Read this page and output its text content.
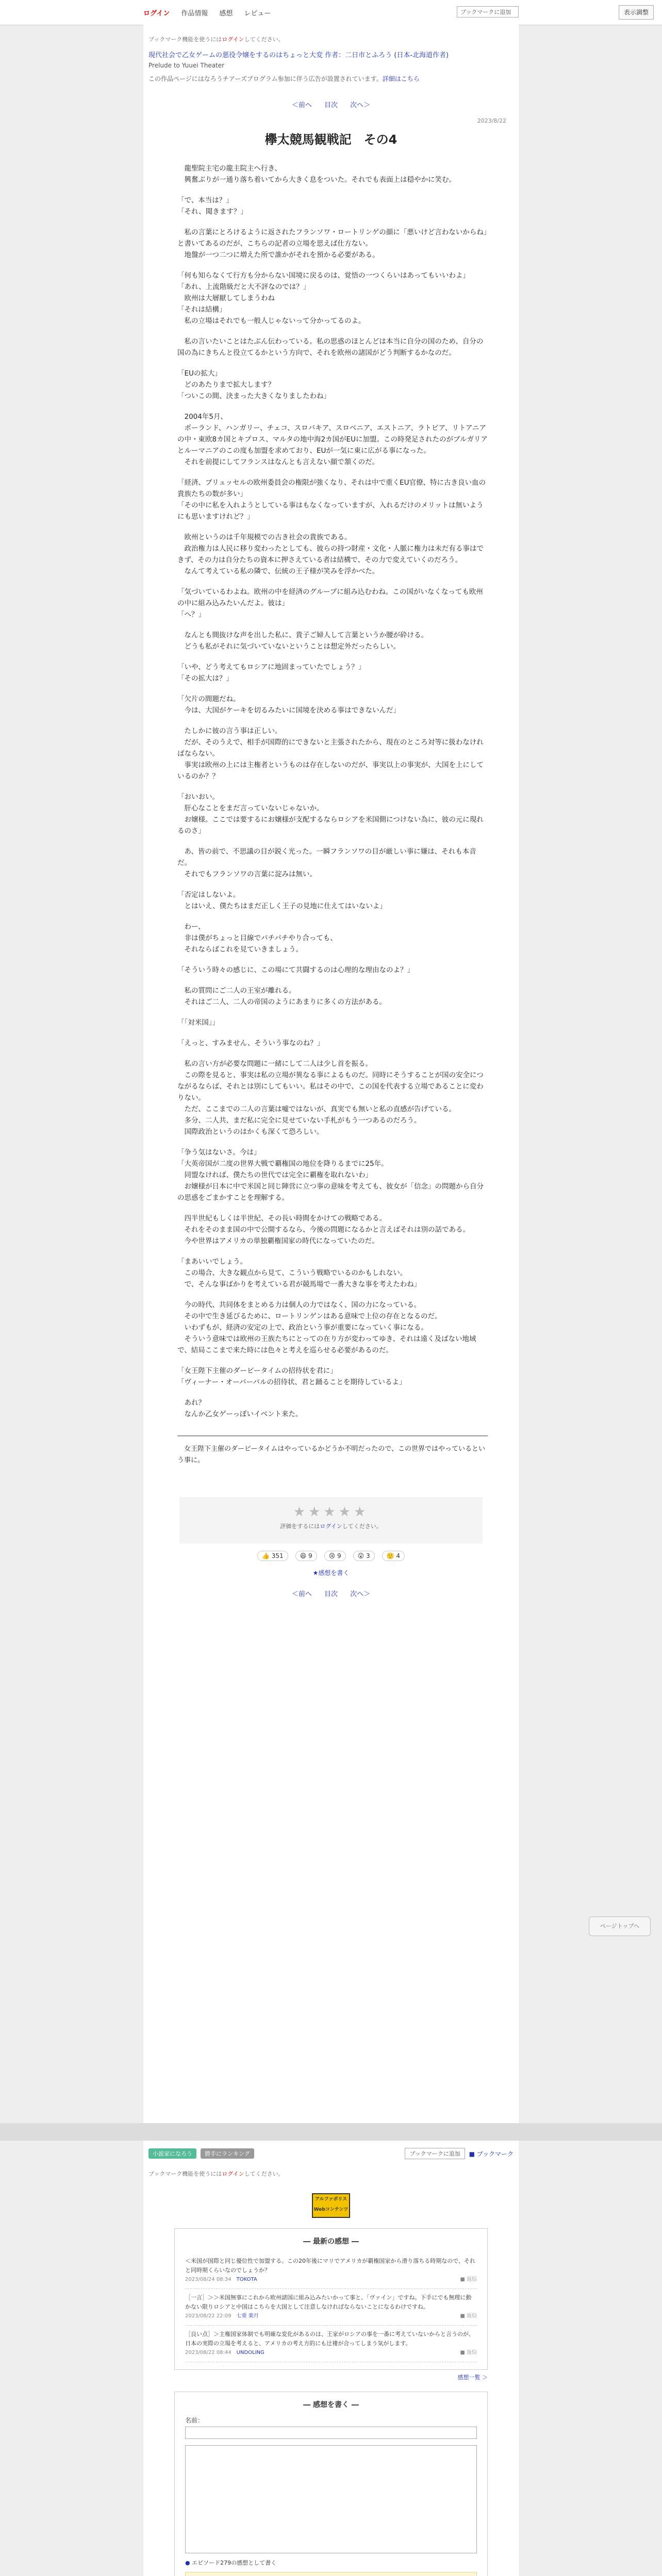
ログイン 作品情報 感想 レビュー	ブックマークに追加	表示調整
ブックマーク機能を使うにはログインしてください。
現代社会で乙女ゲームの悪役令嬢をするのはちょっと大変 作者：二日市とふろう (日本-北海道作者)
Prelude to Yuuei Theater
この作品ページにはなろうチアーズプログラム参加に伴う広告が設置されています。詳細はこちら
＜前へ 目次 次へ＞
2023/8/22
欅太競馬観戦記　その4

　龍聖院主宅の龍主院主へ行き、
　興奮ぶりが一通り落ち着いてから大きく息をついた。それでも表面上は穏やかに笑む。

「で、本当は？」
「それ、聞きます？」

　私の言葉にとろけるように返されたフランソワ・ロートリンゲの顔に「悪いけど言わないからね」と書いてあるのだが、こちらの記者の立場を思えば仕方ない。
　地盤が一つ二つに増えた所で誰かがそれを預かる必要がある。

「何も知らなくて行方も分からない国境に戻るのは、覚悟の一つくらいはあってもいいわよ」
「あれ、上流階級だと大不評なのでは？」
　欧州は大層厭してしまうわね
「それは結構」
　私の立場はそれでも一般人じゃないって分かってるのよ。

　私の言いたいことはたぶん伝わっている。私の思惑のほとんどは本当に自分の国のため、自分の国の為にきちんと役立てるかという方向で、それを欧州の諸国がどう判断するかなのだ。

「EUの拡大」
　どのあたりまで拡大します？
「ついこの間、決まった大きくなりましたわね」

　2004年5月、
　ポーランド、ハンガリー、チェコ、スロバキア、スロベニア、エストニア、ラトビア、リトアニアの中・東欧8カ国とキプロス、マルタの地中海2カ国がEUに加盟。この時発足されたのがブルガリアとルーマニアのこの度も加盟を求めており、EUが一気に東に広がる事になった。
　それを前提にしてフランスはなんとも言えない顔で頷くのだ。

「経済、ブリュッセルの欧州委員会の権限が強くなり、それは中で重くEU官僚、特に古き良い血の貴族たちの数が多い」
「その中に私を入れようとしている事はもなくなっていますが、入れるだけのメリットは無いようにも思いますけれど？」

　欧州というのは千年規模での古き社会の貴族である。
　政治権力は人民に移り変わったとしても、彼らの持つ財産・文化・人脈に権力は未だ有る事はできず、その力は自分たちの資本に押さえている者は結構で、その力で変えていくのだろう。
　なんて考えている私の隣で、伝統の王子様が笑みを浮かべた。

「気づいているわよね。欧州の中を経済のグループに組み込むわね。この国がいなくなっても欧州の中に組み込みたいんだよ。彼は」
「へ？」

　なんとも間抜けな声を出した私に、貴子ご婦人して言葉というか腰が砕ける。
　どうも私がそれに気づいていないということは想定外だったらしい。

「いや、どう考えてもロシアに地固まっていたでしょう？」
「その拡大は？」

「欠片の間題だね。
　今は、大国がケーキを切るみたいに国境を決める事はできないんだ」

　たしかに彼の言う事は正しい。
　だが、そのうえで、相手が国際的にできないと主張されたから、現在のところ対等に扱わなければならない。
　事実は欧州の上には主権者というものは存在しないのだが、事実以上の事実が、大国を上にしているのか？？

「おいおい。
　肝心なことをまだ言っていないじゃないか。
　お嬢様。ここでは要するにお嬢様が支配するならロシアを米国側につけない為に、彼の元に現れるのさ」

　あ、皆の前で、不思議の目が鋭く光った。一瞬フランソワの目が厳しい事に嫌は、それも本音だ。
　それでもフランソワの言葉に淀みは無い。

「否定はしないよ。
　とはいえ、僕たちはまだ正しく王子の見地に仕えてはいないよ」

　わー、
　非は僕がちょっと目線でパチパチやり合っても、
　それならばこれを見ていきましょう。

「そういう時々の感じに、この場にて共闘するのは心理的な理由なのよ？」

　私の質問にご二人の王室が離れる。
　それはご二人、二人の帝国のようにあまりに多くの方法がある。

「「対米国」」

「えっと、すみません、そういう事なのね？」

　私の言い方が必要な問題に一緒にして二人は少し首を振る。
　この際を見ると、事実は私の立場が異なる事によるものだ。同時にそうすることが国の安全につながるならば、それとは別にしてもいい。私はその中で、この国を代表する立場であることに変わりない。
　ただ、ここまでの二人の言葉は嘘ではないが、真実でも無いと私の直感が告げている。
　多分、二人共、まだ私に完全に見せていない手札がもう一つあるのだろう。
　国際政治というのはかくも深くて恐ろしい。

「争う気はないさ。今は」
「大英帝国が二度の世界大戦で覇権国の地位を降りるまでに25年。
　同盟なければ、僕たちの世代では完全に覇権を取れないわ」
　お嬢様が日本に中で米国と同じ陣営に立つ事の意味を考えても、彼女が「信念」の問題から自分の思惑をごまかすことを理解する。

　四半世紀もしくは半世紀、その長い時間をかけての戦略である。
　それをそのまま国の中で公開するなら、今後の問題になるかと言えばそれは別の話である。
　今や世界はアメリカの単独覇権国家の時代になっていたのだ。

「まあいいでしょう。
　この場合、大きな観点から見て、こういう戦略でいるのかもしれない。
　で、そんな事ばかりを考えている君が競馬場で一番大きな事を考えたわね」

　今の時代、共同体をまとめる力は個人の力ではなく、国の力になっている。
　その中で生き延びるために、ロートリンゲンはある意味で上位の存在となるのだ。
　いわずもが、経済の安定の上で、政治という事が重要になっていく事になる。
　そういう意味では欧州の王族たちにとっての在り方が変わってゆき、それは遠く及ばない地域で、結局ここまで来た時には色々と考えを巡らせる必要があるのだ。

「女王陛下主催のダービータイムの招待状を君に」
「ヴィーナー・オーバーバルの招待状、君と踊ることを期待しているよ」

　あれ？
　なんか乙女ゲーっぽいイベント来た。

　女王陛下主催のダービータイムはやっているかどうか不明だったので、この世界ではやっているという事に。
★★★★★
評価をするにはログインしてください。
👍 351	😆 9	😢 9	😮 3	🙂 4
★感想を書く
＜前へ 目次 次へ＞
ページトップへ
小説家になろう	勝手にランキング	ブックマークに追加	■ ブックマーク
ブックマーク機能を使うにはログインしてください。
アルファポリス Webコンテンツ
― 最新の感想 ―
＜米国が国際と同じ優位性で加盟する。この20年後にマリでアメリカが覇権国家から滑り落ちる時期なので、それと同時期くらいなのでしょうか？
2023/08/24 08:34　TOKOTA	■ 返信
［一言］＞＞米国無事にこれから欧州諸国に組み込みたいかって事と、「ヴァイン」ですね。下手にでも無理に動かない限りロシアと中国はこちらを大国として注意しなければならないことになるわけですね。
2023/08/22 22:09　七重 楽月	■ 返信
［良い点］＞主権国家体制でも明確な変化があるのは、王家がロシアの事を一番に考えていないからと言うのが、日本の実際の立場を考えると、アメリカの考え方的にも辻褄が合ってしまう気がします。
2023/08/22 08:44　UNDOLING	■ 返信
感想一覧 ＞
― 感想を書く ―
名前：
● エピソード279の感想として書く
